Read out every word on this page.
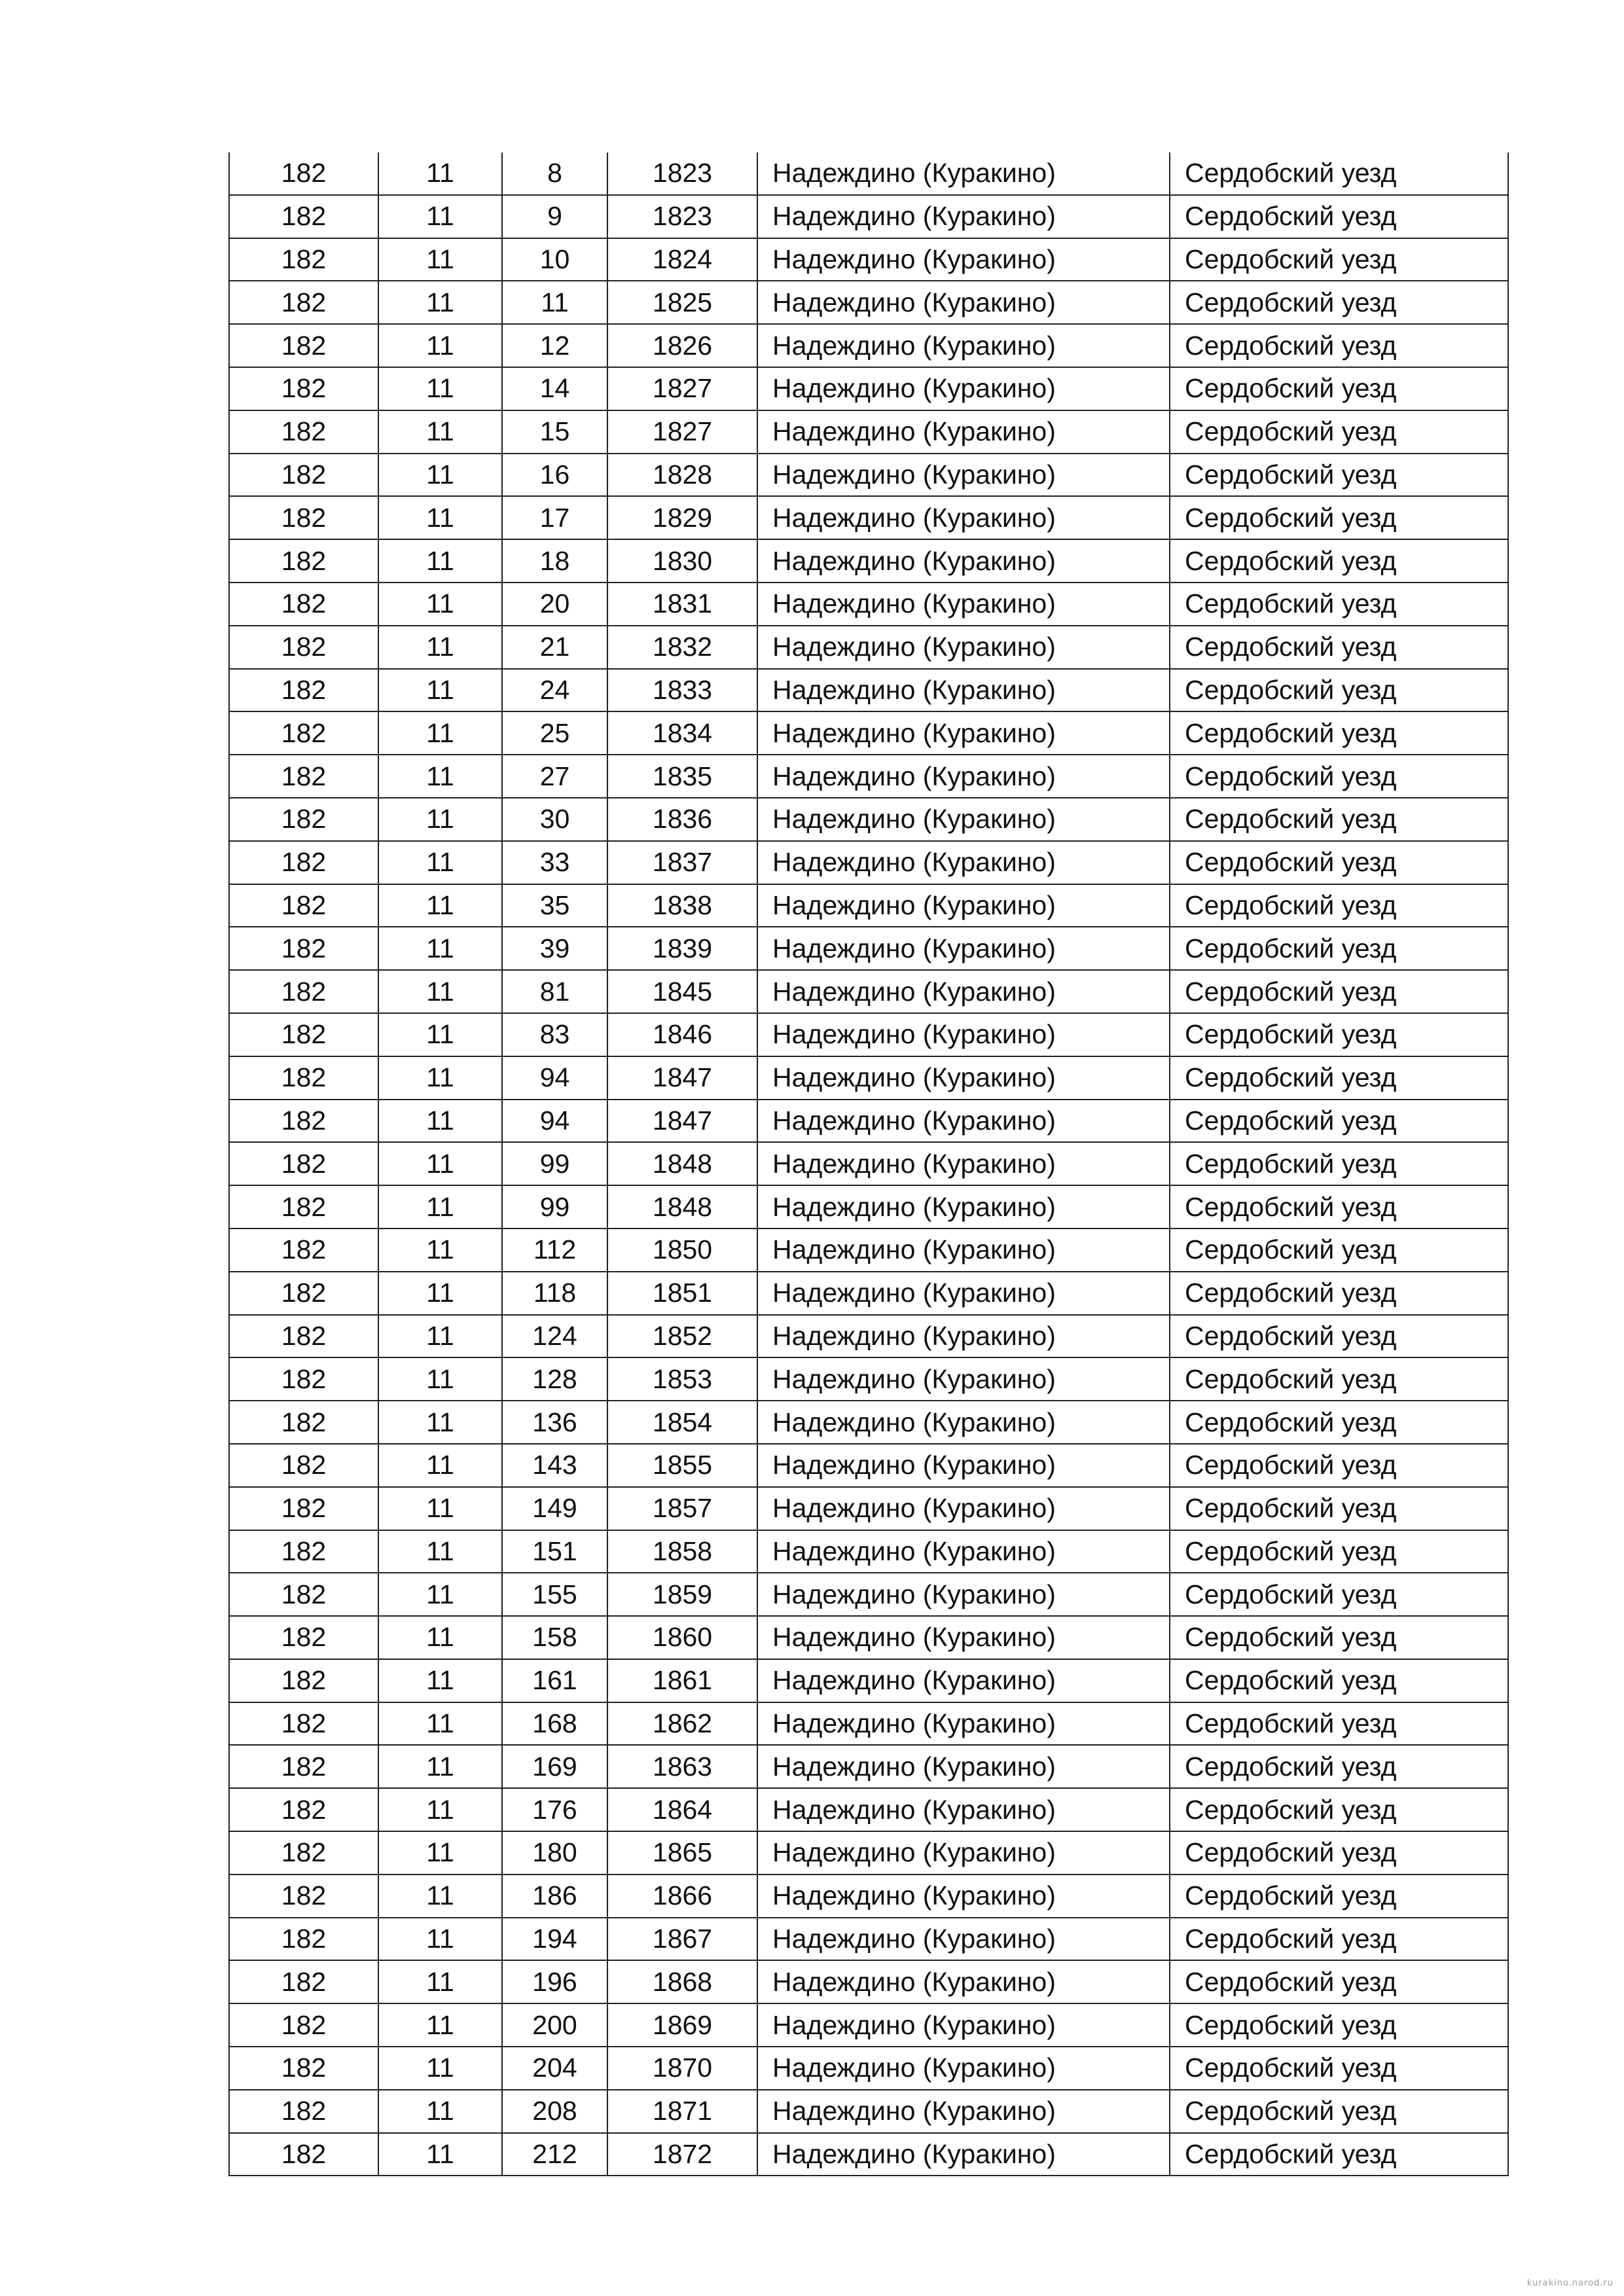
182	11	8	1823	Надеждино (Куракино)	Сердобский уезд
182	11	9	1823	Надеждино (Куракино)	Сердобский уезд
182	11	10	1824	Надеждино (Куракино)	Сердобский уезд
182	11	11	1825	Надеждино (Куракино)	Сердобский уезд
182	11	12	1826	Надеждино (Куракино)	Сердобский уезд
182	11	14	1827	Надеждино (Куракино)	Сердобский уезд
182	11	15	1827	Надеждино (Куракино)	Сердобский уезд
182	11	16	1828	Надеждино (Куракино)	Сердобский уезд
182	11	17	1829	Надеждино (Куракино)	Сердобский уезд
182	11	18	1830	Надеждино (Куракино)	Сердобский уезд
182	11	20	1831	Надеждино (Куракино)	Сердобский уезд
182	11	21	1832	Надеждино (Куракино)	Сердобский уезд
182	11	24	1833	Надеждино (Куракино)	Сердобский уезд
182	11	25	1834	Надеждино (Куракино)	Сердобский уезд
182	11	27	1835	Надеждино (Куракино)	Сердобский уезд
182	11	30	1836	Надеждино (Куракино)	Сердобский уезд
182	11	33	1837	Надеждино (Куракино)	Сердобский уезд
182	11	35	1838	Надеждино (Куракино)	Сердобский уезд
182	11	39	1839	Надеждино (Куракино)	Сердобский уезд
182	11	81	1845	Надеждино (Куракино)	Сердобский уезд
182	11	83	1846	Надеждино (Куракино)	Сердобский уезд
182	11	94	1847	Надеждино (Куракино)	Сердобский уезд
182	11	94	1847	Надеждино (Куракино)	Сердобский уезд
182	11	99	1848	Надеждино (Куракино)	Сердобский уезд
182	11	99	1848	Надеждино (Куракино)	Сердобский уезд
182	11	112	1850	Надеждино (Куракино)	Сердобский уезд
182	11	118	1851	Надеждино (Куракино)	Сердобский уезд
182	11	124	1852	Надеждино (Куракино)	Сердобский уезд
182	11	128	1853	Надеждино (Куракино)	Сердобский уезд
182	11	136	1854	Надеждино (Куракино)	Сердобский уезд
182	11	143	1855	Надеждино (Куракино)	Сердобский уезд
182	11	149	1857	Надеждино (Куракино)	Сердобский уезд
182	11	151	1858	Надеждино (Куракино)	Сердобский уезд
182	11	155	1859	Надеждино (Куракино)	Сердобский уезд
182	11	158	1860	Надеждино (Куракино)	Сердобский уезд
182	11	161	1861	Надеждино (Куракино)	Сердобский уезд
182	11	168	1862	Надеждино (Куракино)	Сердобский уезд
182	11	169	1863	Надеждино (Куракино)	Сердобский уезд
182	11	176	1864	Надеждино (Куракино)	Сердобский уезд
182	11	180	1865	Надеждино (Куракино)	Сердобский уезд
182	11	186	1866	Надеждино (Куракино)	Сердобский уезд
182	11	194	1867	Надеждино (Куракино)	Сердобский уезд
182	11	196	1868	Надеждино (Куракино)	Сердобский уезд
182	11	200	1869	Надеждино (Куракино)	Сердобский уезд
182	11	204	1870	Надеждино (Куракино)	Сердобский уезд
182	11	208	1871	Надеждино (Куракино)	Сердобский уезд
182	11	212	1872	Надеждино (Куракино)	Сердобский уезд
kurakino.narod.ru
